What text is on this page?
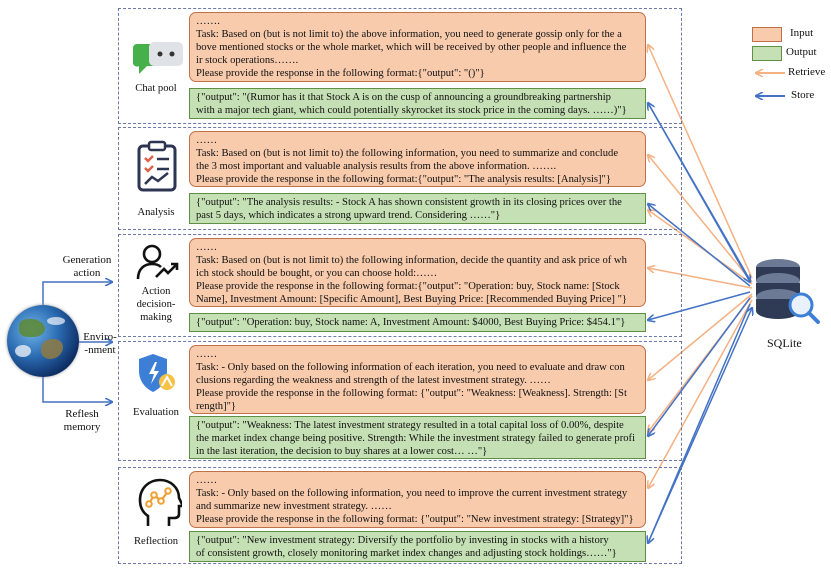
Input
Output
Retrieve
Store
SQLite
Generation
action
Enviro-
-nment
Reflesh
memory
Chat pool
…….
Task: Based on (but is not limit to) the above information, you need to generate gossip only for the a
bove mentioned stocks or the whole market, which will be received by other people and influence the
ir stock operations…….
Please provide the response in the following format:{"output": "()"}
{"output": "(Rumor has it that Stock A is on the cusp of announcing a groundbreaking partnership
with a major tech giant, which could potentially skyrocket its stock price in the coming days. ……)"}
Analysis
……
Task: Based on (but is not limit to) the following information, you need to summarize and conclude
the 3 most important and valuable analysis results from the above information. …….
Please provide the response in the following format:{"output": "The analysis results: [Analysis]"}
{"output": "The analysis results: - Stock A has shown consistent growth in its closing prices over the
past 5 days, which indicates a strong upward trend. Considering ……"}
Action
decision-
making
……
Task: Based on (but is not limit to) the following information, decide the quantity and ask price of wh
ich stock should be bought, or you can choose hold:……
Please provide the response in the following format:{"output": "Operation: buy, Stock name: [Stock
Name], Investment Amount: [Specific Amount], Best Buying Price: [Recommended Buying Price] "}
{"output": "Operation: buy, Stock name: A, Investment Amount: $4000, Best Buying Price: $454.1"}
Evaluation
……
Task: - Only based on the following information of each iteration, you need to evaluate and draw con
clusions regarding the weakness and strength of the latest investment strategy. ……
Please provide the response in the following format: {"output": "Weakness: [Weakness]. Strength: [St
rength]"}
{"output": "Weakness: The latest investment strategy resulted in a total capital loss of 0.00%, despite
the market index change being positive. Strength: While the investment strategy failed to generate profi
in the last iteration, the decision to buy shares at a lower cost… …"}
Reflection
……
Task: - Only based on the following information, you need to improve the current investment strategy
and summarize new investment strategy. ……
Please provide the response in the following format: {"output": "New investment strategy: [Strategy]"}
{"output": "New investment strategy: Diversify the portfolio by investing in stocks with a history
of consistent growth, closely monitoring market index changes and adjusting stock holdings……"}
